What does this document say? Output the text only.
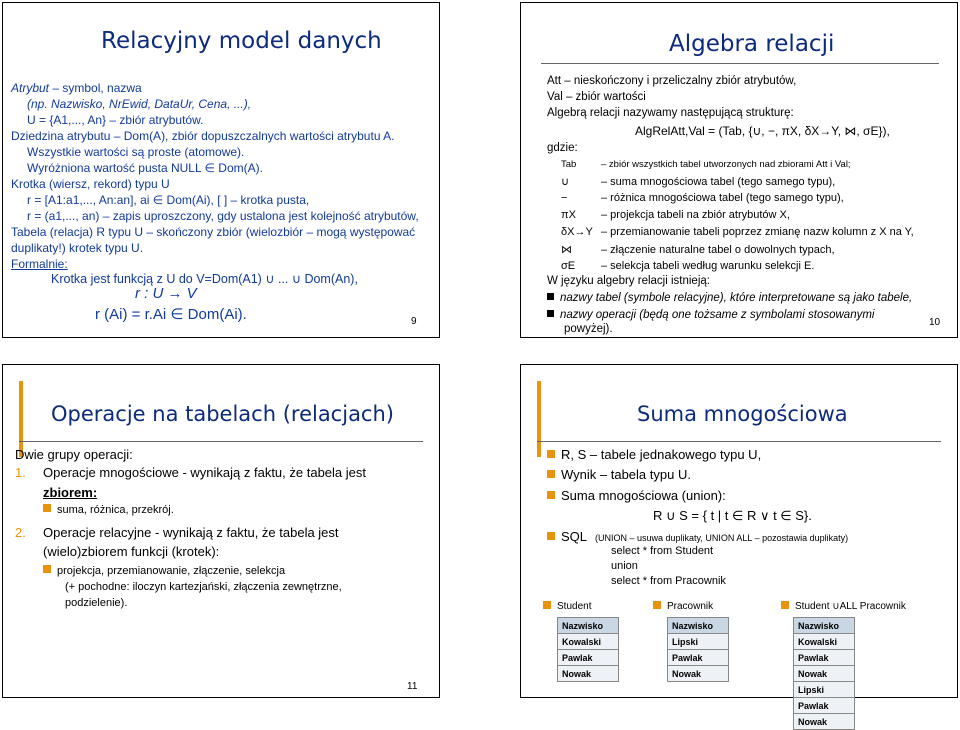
Relacyjny model danych
Atrybut – symbol, nazwa
(np. Nazwisko, NrEwid, DataUr, Cena, ...),
U = {A1,..., An} – zbiór atrybutów.
Dziedzina atrybutu – Dom(A), zbiór dopuszczalnych wartości atrybutu A.
Wszystkie wartości są proste (atomowe).
Wyróżniona wartość pusta NULL ∈ Dom(A).
Krotka (wiersz, rekord) typu U
r = [A1:a1,..., An:an], ai ∈ Dom(Ai), [ ] – krotka pusta,
r = (a1,..., an) – zapis uproszczony, gdy ustalona jest kolejność atrybutów,
Tabela (relacja) R typu U – skończony zbiór (wielozbiór – mogą występować
duplikaty!) krotek typu U.
Formalnie:
Krotka jest funkcją z U do V=Dom(A1) ∪ ... ∪ Dom(An),
r : U → V
r (Ai) = r.Ai ∈ Dom(Ai).	9
Algebra relacji
Att – nieskończony i przeliczalny zbiór atrybutów,
Val – zbiór wartości
Algebrą relacji nazywamy następującą strukturę:
AlgRelAtt,Val = (Tab, {∪, −, πX, δX→Y, ⋈, σE}),
gdzie:
Tab	– zbiór wszystkich tabel utworzonych nad zbiorami Att i Val;
∪	– suma mnogościowa tabel (tego samego typu),
−	– różnica mnogościowa tabel (tego samego typu),
πX – projekcja tabeli na zbiór atrybutów X,
δX→Y – przemianowanie tabeli poprzez zmianę nazw kolumn z X na Y,
⋈	– złączenie naturalne tabel o dowolnych typach,
σE – selekcja tabeli według warunku selekcji E.
W języku algebry relacji istnieją:
nazwy tabel (symbole relacyjne), które interpretowane są jako tabele,
nazwy operacji (będą one tożsame z symbolami stosowanymi
powyżej).
10
Operacje na tabelach (relacjach)
Dwie grupy operacji:
1. Operacje mnogościowe - wynikają z faktu, że tabela jest
zbiorem:
suma, różnica, przekrój.
2. Operacje relacyjne - wynikają z faktu, że tabela jest
(wielo)zbiorem funkcji (krotek):
projekcja, przemianowanie, złączenie, selekcja
(+ pochodne: iloczyn kartezjański, złączenia zewnętrzne,
podzielenie).
Suma mnogościowa
R, S – tabele jednakowego typu U,
Wynik – tabela typu U.
Suma mnogościowa (union):
R ∪ S = { t | t ∈ R ∨ t ∈ S}.
SQL (UNION – usuwa duplikaty, UNION ALL – pozostawia duplikaty)
select * from Student
union
select * from Pracownik
Student	Pracownik	Student ∪ALL Pracownik
Nazwisko
Kowalski
Pawlak
Nowak
Nazwisko
Lipski
Pawlak
Nowak
Nazwisko
Kowalski
Pawlak
Nowak
Lipski
Pawlak
Nowak
11
